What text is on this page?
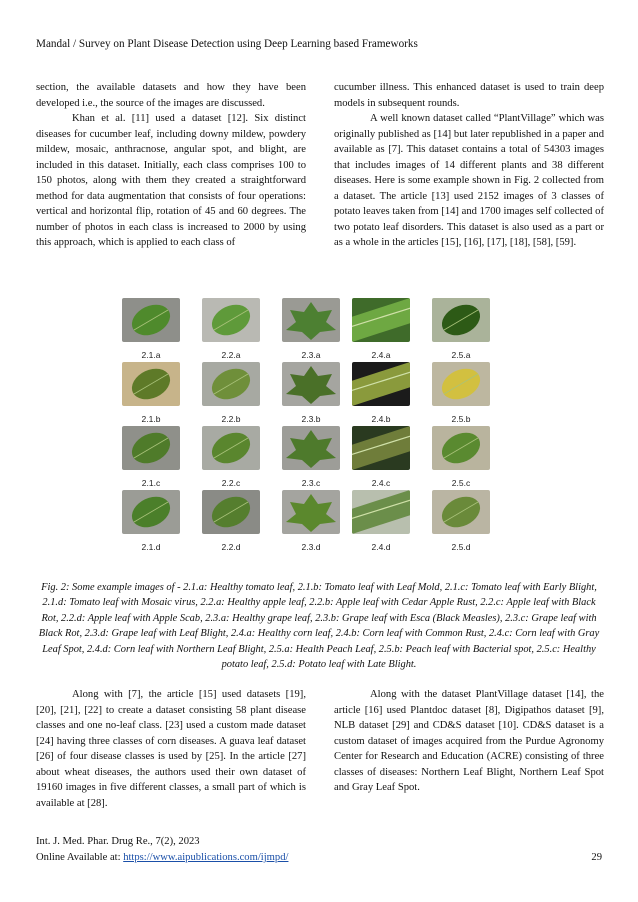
Mandal / Survey on Plant Disease Detection using Deep Learning based Frameworks

section, the available datasets and how they have been developed i.e., the source of the images are discussed.

Khan et al. [11] used a dataset [12]. Six distinct diseases for cucumber leaf, including downy mildew, powdery mildew, mosaic, anthracnose, angular spot, and blight, are included in this dataset. Initially, each class comprises 100 to 150 photos, along with them they created a straightforward method for data augmentation that consists of four operations: vertical and horizontal flip, rotation of 45 and 60 degrees. The number of photos in each class is increased to 2000 by using this approach, which is applied to each class of

cucumber illness. This enhanced dataset is used to train deep models in subsequent rounds.

A well known dataset called “PlantVillage” which was originally published as [14] but later republished in a paper and available as [7]. This dataset contains a total of 54303 images that includes images of 14 different plants and 38 different diseases. Here is some example shown in Fig. 2 collected from a dataset. The article [13] used 2152 images of 3 classes of potato leaves taken from [14] and 1700 images self collected of two potato leaf disorders. This dataset is also used as a part or as a whole in the articles [15], [16], [17], [18], [58], [59].

2.1.a	2.2.a	2.3.a	2.4.a	2.5.a
2.1.b	2.2.b	2.3.b	2.4.b	2.5.b
2.1.c	2.2.c	2.3.c	2.4.c	2.5.c
2.1.d	2.2.d	2.3.d	2.4.d	2.5.d
Fig. 2: Some example images of - 2.1.a: Healthy tomato leaf, 2.1.b: Tomato leaf with Leaf Mold, 2.1.c: Tomato leaf with Early Blight, 2.1.d: Tomato leaf with Mosaic virus, 2.2.a: Healthy apple leaf, 2.2.b: Apple leaf with Cedar Apple Rust, 2.2.c: Apple leaf with Black Rot, 2.2.d: Apple leaf with Apple Scab, 2.3.a: Healthy grape leaf, 2.3.b: Grape leaf with Esca (Black Measles), 2.3.c: Grape leaf with Black Rot, 2.3.d: Grape leaf with Leaf Blight, 2.4.a: Healthy corn leaf, 2.4.b: Corn leaf with Common Rust, 2.4.c: Corn leaf with Gray Leaf Spot, 2.4.d: Corn leaf with Northern Leaf Blight, 2.5.a: Health Peach Leaf, 2.5.b: Peach leaf with Bacterial spot, 2.5.c: Healthy potato leaf, 2.5.d: Potato leaf with Late Blight.

Along with [7], the article [15] used datasets [19], [20], [21], [22] to create a dataset consisting 58 plant disease classes and one no-leaf class. [23] used a custom made dataset [24] having three classes of corn diseases. A guava leaf dataset [26] of four disease classes is used by [25]. In the article [27] about wheat diseases, the authors used their own dataset of 19160 images in five different classes, a small part of which is available at [28].

Along with the dataset PlantVillage dataset [14], the article [16] used Plantdoc dataset [8], Digipathos dataset [9], NLB dataset [29] and CD&S dataset [10]. CD&S dataset is a custom dataset of images acquired from the Purdue Agronomy Center for Research and Education (ACRE) consisting of three classes of diseases: Northern Leaf Blight, Northern Leaf Spot and Gray Leaf Spot.

Int. J. Med. Phar. Drug Re., 7(2), 2023
Online Available at: https://www.aipublications.com/ijmpd/	29
